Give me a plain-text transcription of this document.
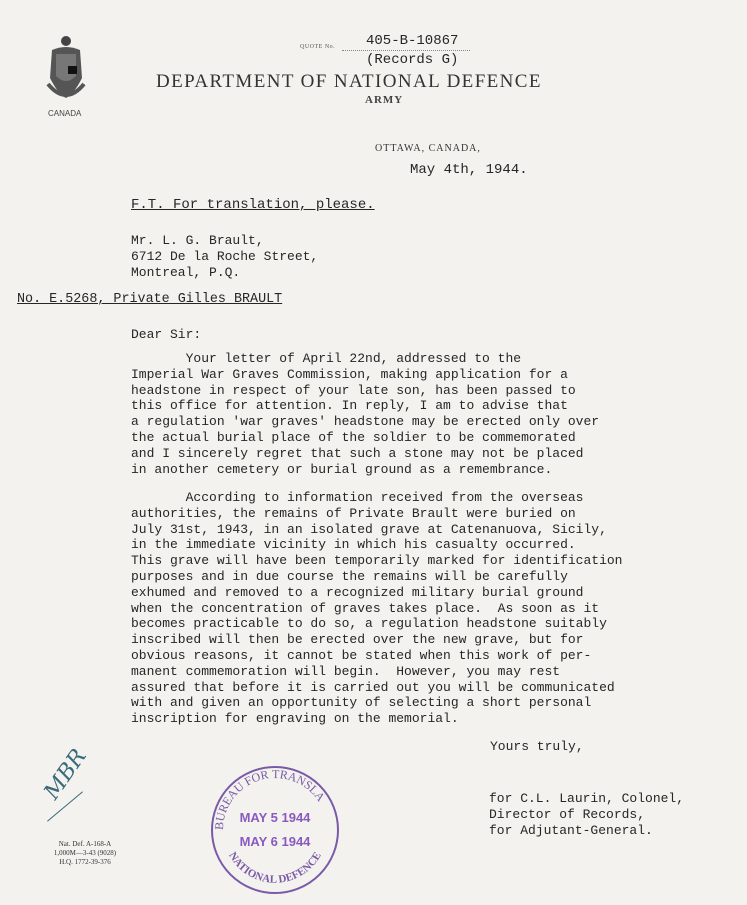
CANADA
QUOTE No. 405-B-10867
(Records G)
DEPARTMENT OF NATIONAL DEFENCE
ARMY
OTTAWA, CANADA,
May 4th, 1944.
F.T. For translation, please.
Mr. L. G. Brault,
6712 De la Roche Street,
Montreal, P.Q.
No. E.5268, Private Gilles BRAULT
Dear Sir:
Your letter of April 22nd, addressed to the
Imperial War Graves Commission, making application for a
headstone in respect of your late son, has been passed to
this office for attention. In reply, I am to advise that
a regulation 'war graves' headstone may be erected only over
the actual burial place of the soldier to be commemorated
and I sincerely regret that such a stone may not be placed
in another cemetery or burial ground as a remembrance.
According to information received from the overseas
authorities, the remains of Private Brault were buried on
July 31st, 1943, in an isolated grave at Catenanuova, Sicily,
in the immediate vicinity in which his casualty occurred.
This grave will have been temporarily marked for identification
purposes and in due course the remains will be carefully
exhumed and removed to a recognized military burial ground
when the concentration of graves takes place.  As soon as it
becomes practicable to do so, a regulation headstone suitably
inscribed will then be erected over the new grave, but for
obvious reasons, it cannot be stated when this work of per-
manent commemoration will begin.  However, you may rest
assured that before it is carried out you will be communicated
with and given an opportunity of selecting a short personal
inscription for engraving on the memorial.
Yours truly,
for C.L. Laurin, Colonel,
Director of Records,
for Adjutant-General.
MBR
Nat. Def. A-168-A
1,000M—3-43 (9028)
H.Q. 1772-39-376
BUREAU FOR TRANSLA
NATIONAL DEFENCE
MAY 5 1944
MAY 6 1944
